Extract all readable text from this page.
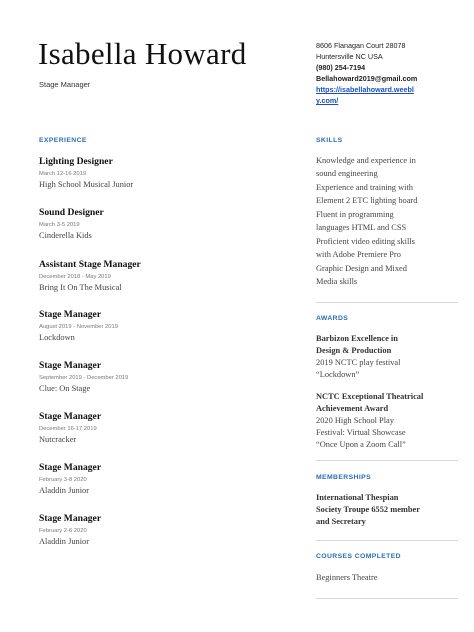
Isabella Howard
Stage Manager
8606 Flanagan Court 28078
Huntersville NC USA
(980) 254-7194
Bellahoward2019@gmail.com
https://isabellahoward.weebl
y.com/
EXPERIENCE
Lighting Designer
March 12-16 2019
High School Musical Junior
Sound Designer
March 3-5 2019
Cinderella Kids
Assistant Stage Manager
December 2018 - May 2019
Bring It On The Musical
Stage Manager
August 2019 - November 2019
Lockdown
Stage Manager
September 2019 - December 2019
Clue: On Stage
Stage Manager
December 16-17 2019
Nutcracker
Stage Manager
February 3-8 2020
Aladdin Junior
Stage Manager
February 2-6 2020
Aladdin Junior
SKILLS
Knowledge and experience in
sound engineering
Experience and training with
Element 2 ETC lighting board
Fluent in programming
languages HTML and CSS
Proficient video editing skills
with Adobe Premiere Pro
Graphic Design and Mixed
Media skills
AWARDS
Barbizon Excellence in
Design & Production
2019 NCTC play festival
“Lockdown”
NCTC Exceptional Theatrical
Achievement Award
2020 High School Play
Festival: Virtual Showcase
“Once Upon a Zoom Call”
MEMBERSHIPS
International Thespian
Society Troupe 6552 member
and Secretary
COURSES COMPLETED
Beginners Theatre
